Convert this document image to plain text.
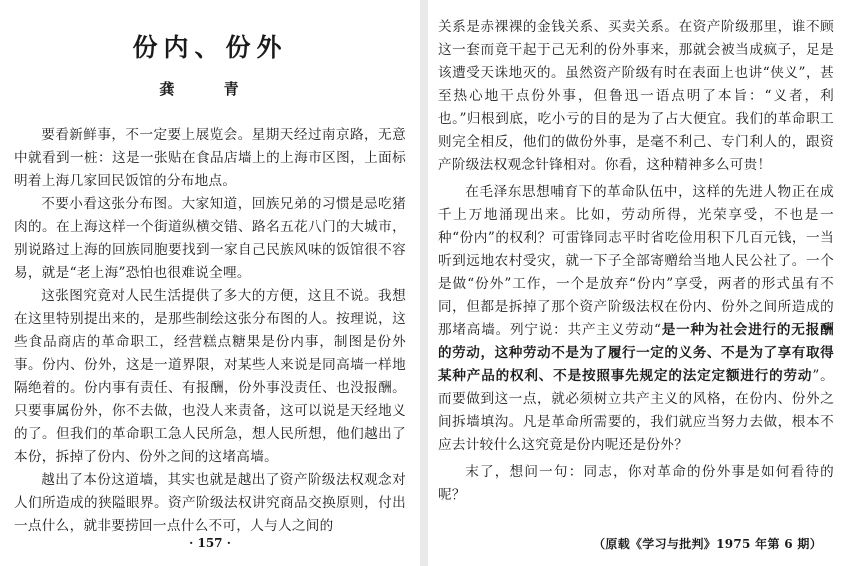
份内、份外
龚 青

要看新鲜事，不一定要上展览会。星期天经过南京路，无意中就看到一桩：这是一张贴在食品店墙上的上海市区图，上面标明着上海几家回民饭馆的分布地点。

不要小看这张分布图。大家知道，回族兄弟的习惯是忌吃猪肉的。在上海这样一个街道纵横交错、路名五花八门的大城市，别说路过上海的回族同胞要找到一家自己民族风味的饭馆很不容易，就是“老上海”恐怕也很难说全哩。

这张图究竟对人民生活提供了多大的方便，这且不说。我想在这里特别提出来的，是那些制绘这张分布图的人。按理说，这些食品商店的革命职工，经营糕点糖果是份内事，制图是份外事。份内、份外，这是一道界限，对某些人来说是同高墙一样地隔绝着的。份内事有责任、有报酬，份外事没责任、也没报酬。只要事属份外，你不去做，也没人来责备，这可以说是天经地义的了。但我们的革命职工急人民所急，想人民所想，他们越出了本份，拆掉了份内、份外之间的这堵高墙。

越出了本份这道墙，其实也就是越出了资产阶级法权观念对人们所造成的狭隘眼界。资产阶级法权讲究商品交换原则，付出一点什么，就非要捞回一点什么不可，人与人之间的

· 157 ·

关系是赤裸裸的金钱关系、买卖关系。在资产阶级那里，谁不顾这一套而竟干起于己无利的份外事来，那就会被当成疯子，足是该遭受天诛地灭的。虽然资产阶级有时在表面上也讲“侠义”，甚至热心地干点份外事，但鲁迅一语点明了本旨：“义者，利也。”归根到底，吃小亏的目的是为了占大便宜。我们的革命职工则完全相反，他们的做份外事，是毫不利己、专门利人的，跟资产阶级法权观念针锋相对。你看，这种精神多么可贵！

在毛泽东思想哺育下的革命队伍中，这样的先进人物正在成千上万地涌现出来。比如，劳动所得，光荣享受，不也是一种“份内”的权利？可雷锋同志平时省吃俭用积下几百元钱，一当听到远地农村受灾，就一下子全部寄赠给当地人民公社了。一个是做“份外”工作，一个是放弃“份内”享受，两者的形式虽有不同，但都是拆掉了那个资产阶级法权在份内、份外之间所造成的那堵高墙。列宁说：共产主义劳动“是一种为社会进行的无报酬的劳动，这种劳动不是为了履行一定的义务、不是为了享有取得某种产品的权利、不是按照事先规定的法定定额进行的劳动”。而要做到这一点，就必须树立共产主义的风格，在份内、份外之间拆墙填沟。凡是革命所需要的，我们就应当努力去做，根本不应去计较什么这究竟是份内呢还是份外？

末了，想问一句：同志，你对革命的份外事是如何看待的呢？

（原载《学习与批判》1975 年第 6 期）
